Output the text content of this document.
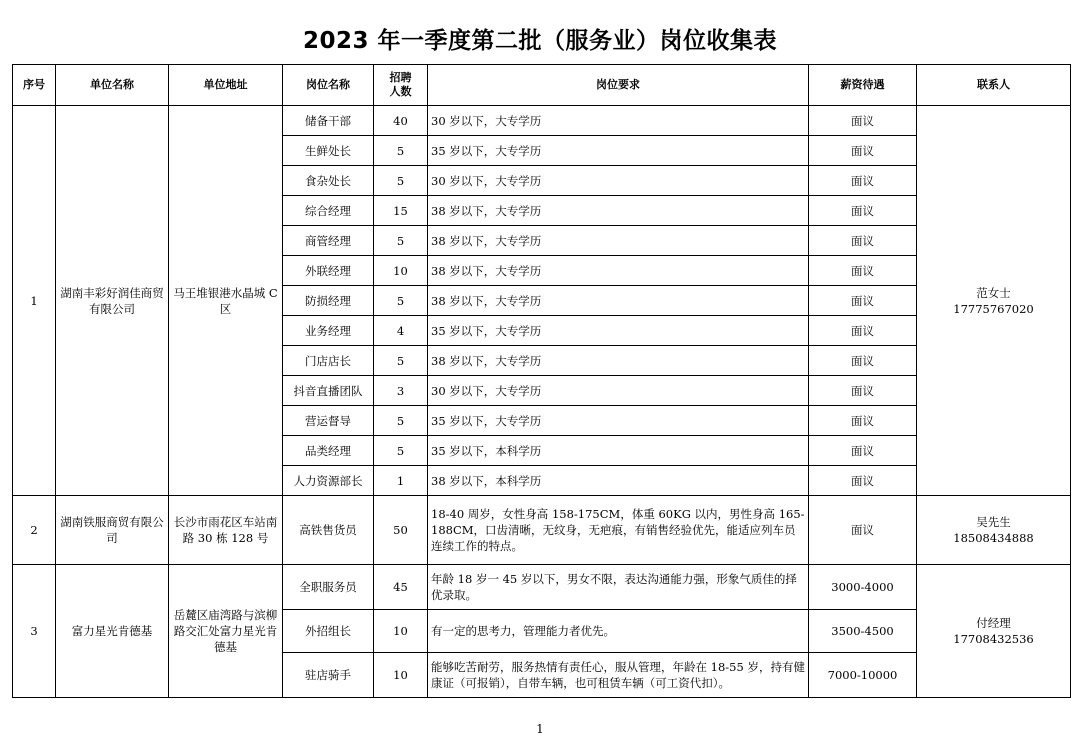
2023 年一季度第二批（服务业）岗位收集表
序号	单位名称	单位地址	岗位名称	招聘
人数	岗位要求	薪资待遇	联系人
1	湖南丰彩好润佳商贸有限公司	马王堆银港水晶城 C 区	储备干部	40	30 岁以下，大专学历	面议	范女士
17775767020
			生鲜处长	5	35 岁以下，大专学历	面议	
			食杂处长	5	30 岁以下，大专学历	面议	
			综合经理	15	38 岁以下，大专学历	面议	
			商管经理	5	38 岁以下，大专学历	面议	
			外联经理	10	38 岁以下，大专学历	面议	
			防损经理	5	38 岁以下，大专学历	面议	
			业务经理	4	35 岁以下，大专学历	面议	
			门店店长	5	38 岁以下，大专学历	面议	
			抖音直播团队	3	30 岁以下，大专学历	面议	
			营运督导	5	35 岁以下，大专学历	面议	
			品类经理	5	35 岁以下，本科学历	面议	
			人力资源部长	1	38 岁以下，本科学历	面议	
2	湖南铁服商贸有限公司	长沙市雨花区车站南路 30 栋 128 号	高铁售货员	50	18-40 周岁，女性身高 158-175CM，体重 60KG 以内，男性身高 165-188CM，口齿清晰，无纹身，无疤痕，有销售经验优先，能适应列车员连续工作的特点。	面议	吴先生
18508434888
3	富力星光肯德基	岳麓区庙湾路与滨柳路交汇处富力星光肯德基	全职服务员	45	年龄 18 岁一 45 岁以下，男女不限，表达沟通能力强，形象气质佳的择优录取。	3000-4000	付经理
17708432536
			外招组长	10	有一定的思考力，管理能力者优先。	3500-4500	
			驻店骑手	10	能够吃苦耐劳，服务热情有责任心，服从管理，年龄在 18-55 岁，持有健康证（可报销），自带车辆，也可租赁车辆（可工资代扣）。	7000-10000	
1
